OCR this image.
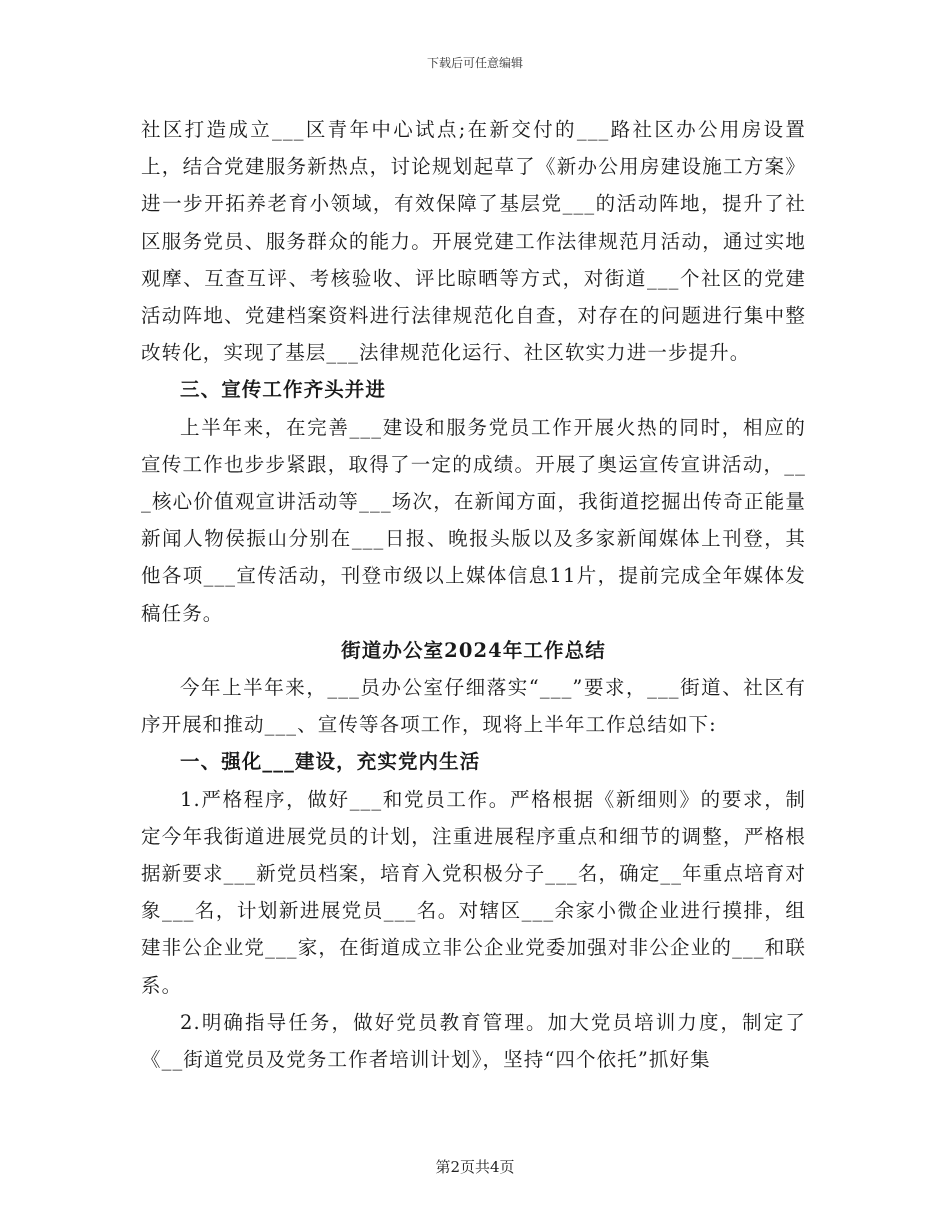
下载后可任意编辑

社区打造成立___区青年中心试点;在新交付的___路社区办公用房设置上，结合党建服务新热点，讨论规划起草了《新办公用房建设施工方案》进一步开拓养老育小领域，有效保障了基层党___的活动阵地，提升了社区服务党员、服务群众的能力。开展党建工作法律规范月活动，通过实地观摩、互查互评、考核验收、评比晾晒等方式，对街道___个社区的党建活动阵地、党建档案资料进行法律规范化自查，对存在的问题进行集中整改转化，实现了基层___法律规范化运行、社区软实力进一步提升。

三、宣传工作齐头并进

上半年来，在完善___建设和服务党员工作开展火热的同时，相应的宣传工作也步步紧跟，取得了一定的成绩。开展了奥运宣传宣讲活动，___核心价值观宣讲活动等___场次，在新闻方面，我街道挖掘出传奇正能量新闻人物侯振山分别在___日报、晚报头版以及多家新闻媒体上刊登，其他各项___宣传活动，刊登市级以上媒体信息11片，提前完成全年媒体发稿任务。

街道办公室2024年工作总结

今年上半年来，___员办公室仔细落实“___”要求，___街道、社区有序开展和推动___、宣传等各项工作，现将上半年工作总结如下:

一、强化___建设，充实党内生活

1.严格程序，做好___和党员工作。严格根据《新细则》的要求，制定今年我街道进展党员的计划，注重进展程序重点和细节的调整，严格根据新要求___新党员档案，培育入党积极分子___名，确定__年重点培育对象___名，计划新进展党员___名。对辖区___余家小微企业进行摸排，组建非公企业党___家，在街道成立非公企业党委加强对非公企业的___和联系。

2.明确指导任务，做好党员教育管理。加大党员培训力度，制定了《__街道党员及党务工作者培训计划》，坚持“四个依托”抓好集

第2页共4页
